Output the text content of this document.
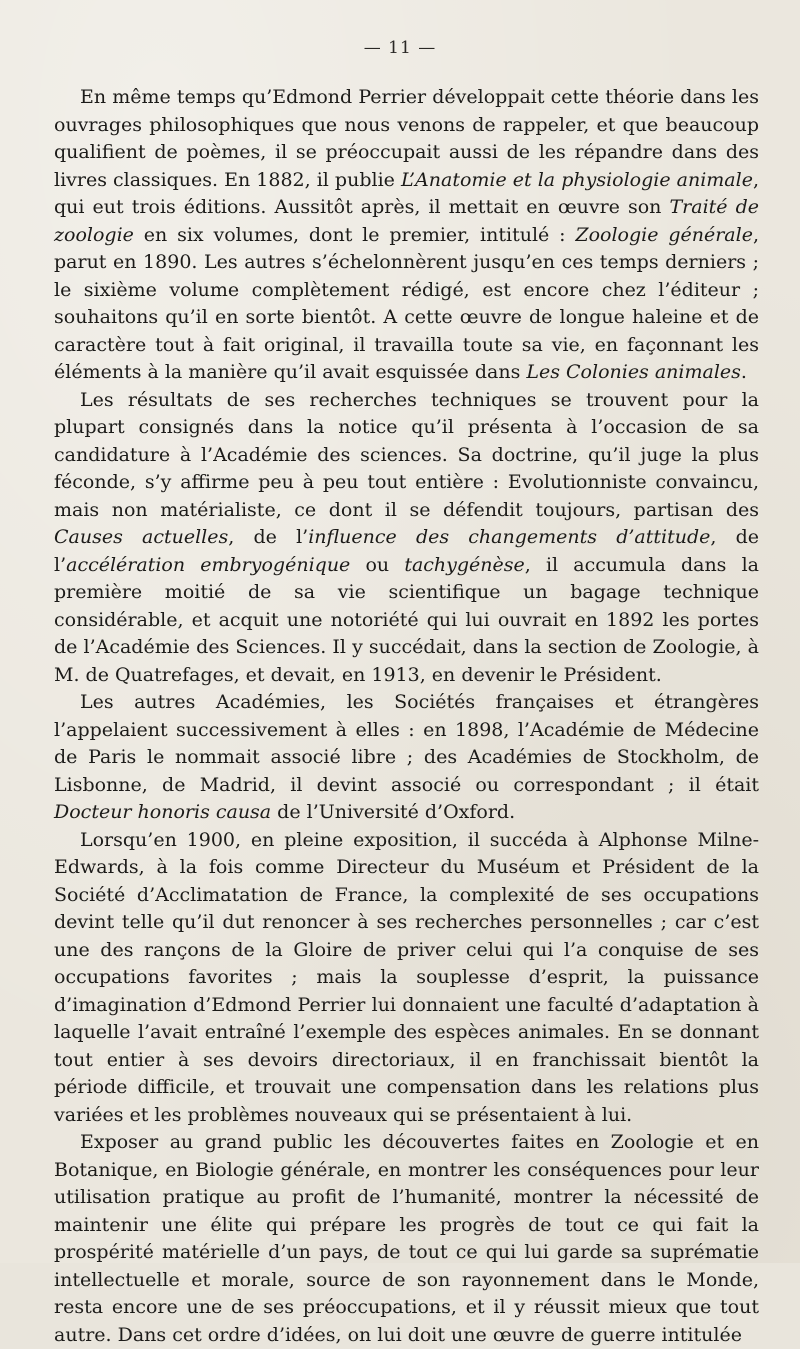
— 11 —

En même temps qu’Edmond Perrier développait cette théorie dans les ouvrages philosophiques que nous venons de rappeler, et que beaucoup qualifient de poèmes, il se préoccupait aussi de les répandre dans des livres classiques. En 1882, il publie L’Anatomie et la physiologie animale, qui eut trois éditions. Aussitôt après, il mettait en œuvre son Traité de zoologie en six volumes, dont le premier, intitulé : Zoologie générale, parut en 1890. Les autres s’échelonnèrent jusqu’en ces temps derniers ; le sixième volume complètement rédigé, est encore chez l’éditeur ; souhaitons qu’il en sorte bientôt. A cette œuvre de longue haleine et de caractère tout à fait original, il travailla toute sa vie, en façonnant les éléments à la manière qu’il avait esquissée dans Les Colonies animales.

Les résultats de ses recherches techniques se trouvent pour la plupart consignés dans la notice qu’il présenta à l’occasion de sa candidature à l’Académie des sciences. Sa doctrine, qu’il juge la plus féconde, s’y affirme peu à peu tout entière : Evolutionniste convaincu, mais non matérialiste, ce dont il se défendit toujours, partisan des Causes actuelles, de l’influence des changements d’attitude, de l’accélération embryogénique ou tachygénèse, il accumula dans la première moitié de sa vie scientifique un bagage technique considérable, et acquit une notoriété qui lui ouvrait en 1892 les portes de l’Académie des Sciences. Il y succédait, dans la section de Zoologie, à M. de Quatrefages, et devait, en 1913, en devenir le Président.

Les autres Académies, les Sociétés françaises et étrangères l’appelaient successivement à elles : en 1898, l’Académie de Médecine de Paris le nommait associé libre ; des Académies de Stockholm, de Lisbonne, de Madrid, il devint associé ou correspondant ; il était Docteur honoris causa de l’Université d’Oxford.

Lorsqu’en 1900, en pleine exposition, il succéda à Alphonse Milne-Edwards, à la fois comme Directeur du Muséum et Président de la Société d’Acclimatation de France, la complexité de ses occupations devint telle qu’il dut renoncer à ses recherches personnelles ; car c’est une des rançons de la Gloire de priver celui qui l’a conquise de ses occupations favorites ; mais la souplesse d’esprit, la puissance d’imagination d’Edmond Perrier lui donnaient une faculté d’adaptation à laquelle l’avait entraîné l’exemple des espèces animales. En se donnant tout entier à ses devoirs directoriaux, il en franchissait bientôt la période difficile, et trouvait une compensation dans les relations plus variées et les problèmes nouveaux qui se présentaient à lui.

Exposer au grand public les découvertes faites en Zoologie et en Botanique, en Biologie générale, en montrer les conséquences pour leur utilisation pratique au profit de l’humanité, montrer la nécessité de maintenir une élite qui prépare les progrès de tout ce qui fait la prospérité matérielle d’un pays, de tout ce qui lui garde sa suprématie intellectuelle et morale, source de son rayonnement dans le Monde, resta encore une de ses préoccupations, et il y réussit mieux que tout autre. Dans cet ordre d’idées, on lui doit une œuvre de guerre intitulée
